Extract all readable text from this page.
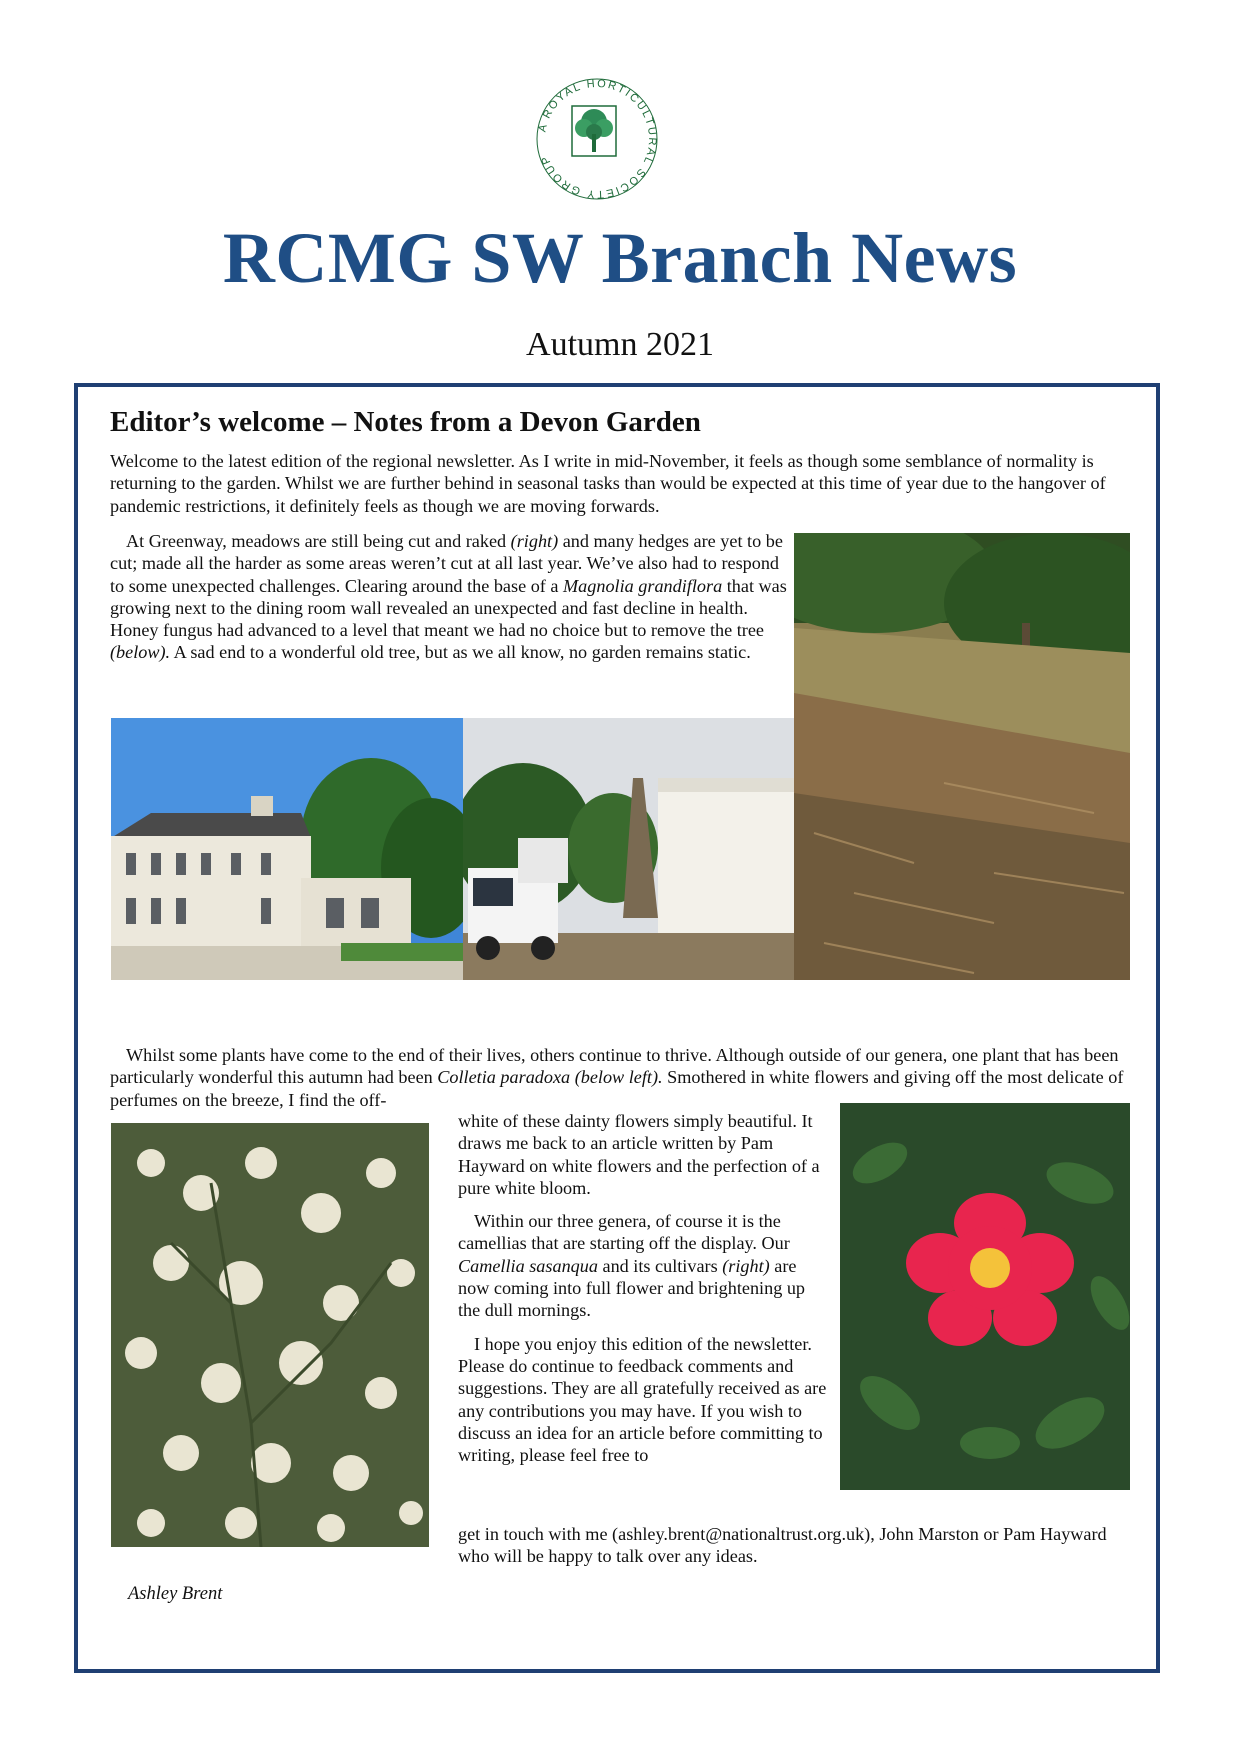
A ROYAL HORTICULTURAL SOCIETY GROUP
RCMG SW Branch News
Autumn 2021
Editor’s welcome – Notes from a Devon Garden
Welcome to the latest edition of the regional newsletter. As I write in mid-November, it feels as though some semblance of normality is returning to the garden. Whilst we are further behind in seasonal tasks than would be expected at this time of year due to the hangover of pandemic restrictions, it definitely feels as though we are moving forwards.
At Greenway, meadows are still being cut and raked (right) and many hedges are yet to be cut; made all the harder as some areas weren’t cut at all last year. We’ve also had to respond to some unexpected challenges. Clearing around the base of a Magnolia grandiflora that was growing next to the dining room wall revealed an unexpected and fast decline in health. Honey fungus had advanced to a level that meant we had no choice but to remove the tree (below). A sad end to a wonderful old tree, but as we all know, no garden remains static.
Whilst some plants have come to the end of their lives, others continue to thrive. Although outside of our genera, one plant that has been particularly wonderful this autumn had been Colletia paradoxa (below left). Smothered in white flowers and giving off the most delicate of perfumes on the breeze, I find the off-

white of these dainty flowers simply beautiful. It draws me back to an article written by Pam Hayward on white flowers and the perfection of a pure white bloom.

Within our three genera, of course it is the camellias that are starting off the display. Our Camellia sasanqua and its cultivars (right) are now coming into full flower and brightening up the dull mornings.

I hope you enjoy this edition of the newsletter. Please do continue to feedback comments and suggestions. They are all gratefully received as are any contributions you may have. If you wish to discuss an idea for an article before committing to writing, please feel free to

get in touch with me (ashley.brent@nationaltrust.org.uk), John Marston or Pam Hayward who will be happy to talk over any ideas.
Ashley Brent
